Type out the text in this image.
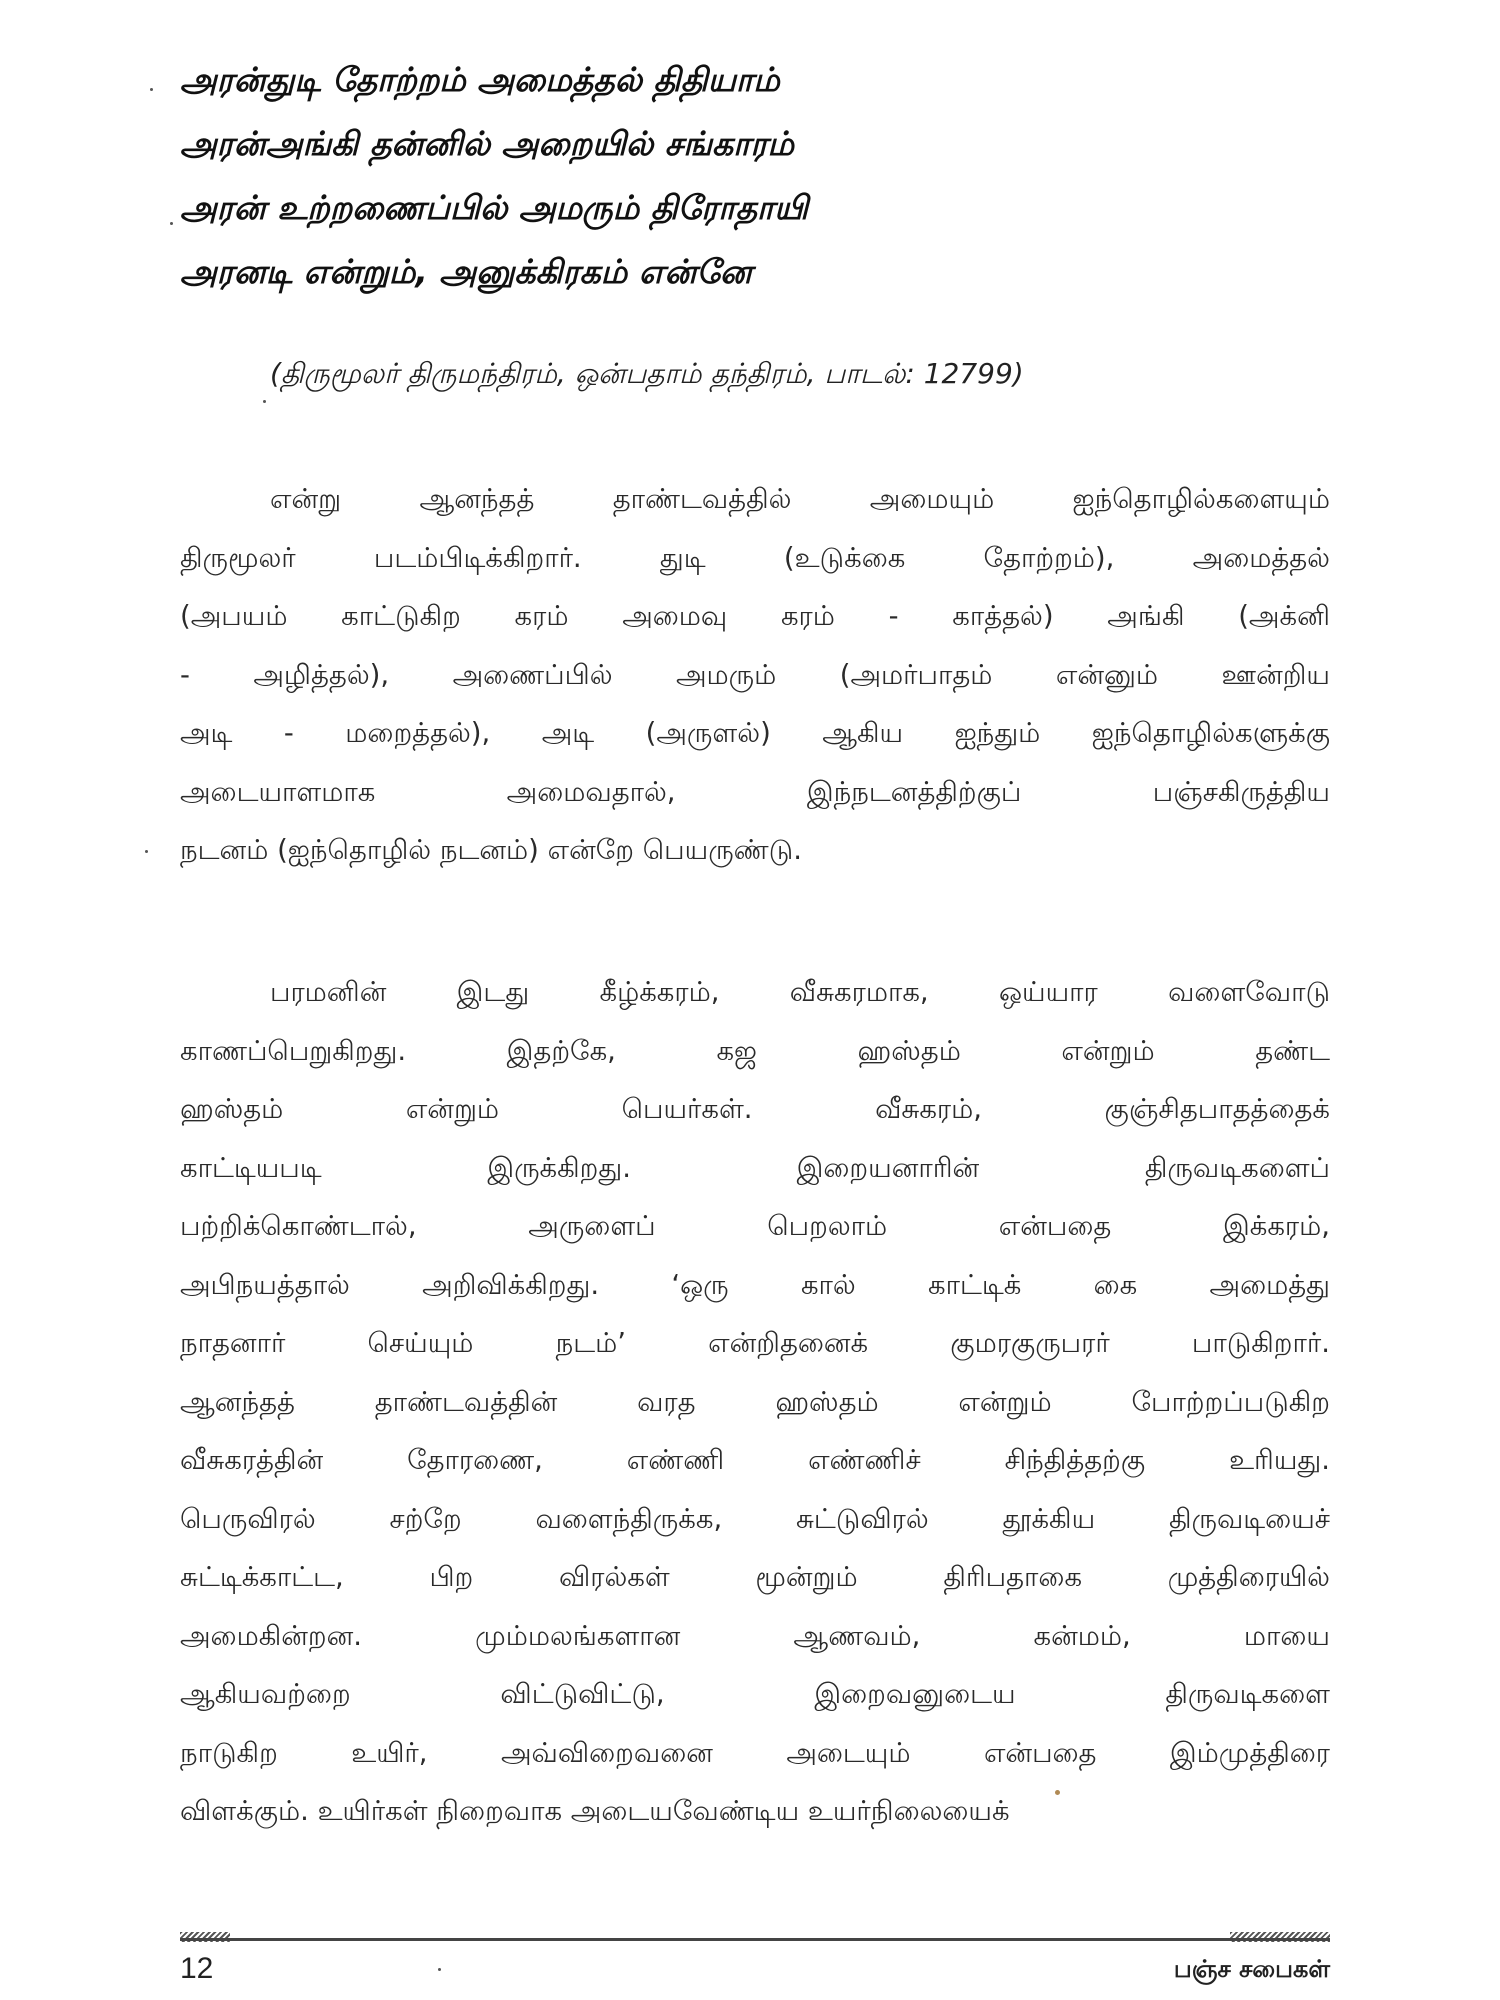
அரன்துடி தோற்றம் அமைத்தல் திதியாம்
அரன்அங்கி தன்னில் அறையில் சங்காரம்
அரன் உற்றணைப்பில் அமரும் திரோதாயி
அரனடி என்றும், அனுக்கிரகம் என்னே
(திருமூலர் திருமந்திரம், ஒன்பதாம் தந்திரம், பாடல்: 12799)
என்று ஆனந்தத் தாண்டவத்தில் அமையும் ஐந்தொழில்களையும்
திருமூலர் படம்பிடிக்கிறார். துடி (உடுக்கை தோற்றம்), அமைத்தல்
(அபயம் காட்டுகிற கரம் அமைவு கரம் - காத்தல்) அங்கி (அக்னி
- அழித்தல்), அணைப்பில் அமரும் (அமர்பாதம் என்னும் ஊன்றிய
அடி - மறைத்தல்), அடி (அருளல்) ஆகிய ஐந்தும் ஐந்தொழில்களுக்கு
அடையாளமாக அமைவதால், இந்நடனத்திற்குப் பஞ்சகிருத்திய
நடனம் (ஐந்தொழில் நடனம்) என்றே பெயருண்டு.
பரமனின் இடது கீழ்க்கரம், வீசுகரமாக, ஒய்யார வளைவோடு
காணப்பெறுகிறது. இதற்கே, கஜ ஹஸ்தம் என்றும் தண்ட
ஹஸ்தம் என்றும் பெயர்கள். வீசுகரம், குஞ்சிதபாதத்தைக்
காட்டியபடி இருக்கிறது. இறையனாரின் திருவடிகளைப்
பற்றிக்கொண்டால், அருளைப் பெறலாம் என்பதை இக்கரம்,
அபிநயத்தால் அறிவிக்கிறது. ‘ஒரு கால் காட்டிக் கை அமைத்து
நாதனார் செய்யும் நடம்’ என்றிதனைக் குமரகுருபரர் பாடுகிறார்.
ஆனந்தத் தாண்டவத்தின் வரத ஹஸ்தம் என்றும் போற்றப்படுகிற
வீசுகரத்தின் தோரணை, எண்ணி எண்ணிச் சிந்தித்தற்கு உரியது.
பெருவிரல் சற்றே வளைந்திருக்க, சுட்டுவிரல் தூக்கிய திருவடியைச்
சுட்டிக்காட்ட, பிற விரல்கள் மூன்றும் திரிபதாகை முத்திரையில்
அமைகின்றன. மும்மலங்களான ஆணவம், கன்மம், மாயை
ஆகியவற்றை விட்டுவிட்டு, இறைவனுடைய திருவடிகளை
நாடுகிற உயிர், அவ்விறைவனை அடையும் என்பதை இம்முத்திரை
விளக்கும். உயிர்கள் நிறைவாக அடையவேண்டிய உயர்நிலையைக்
12	பஞ்ச சபைகள்
